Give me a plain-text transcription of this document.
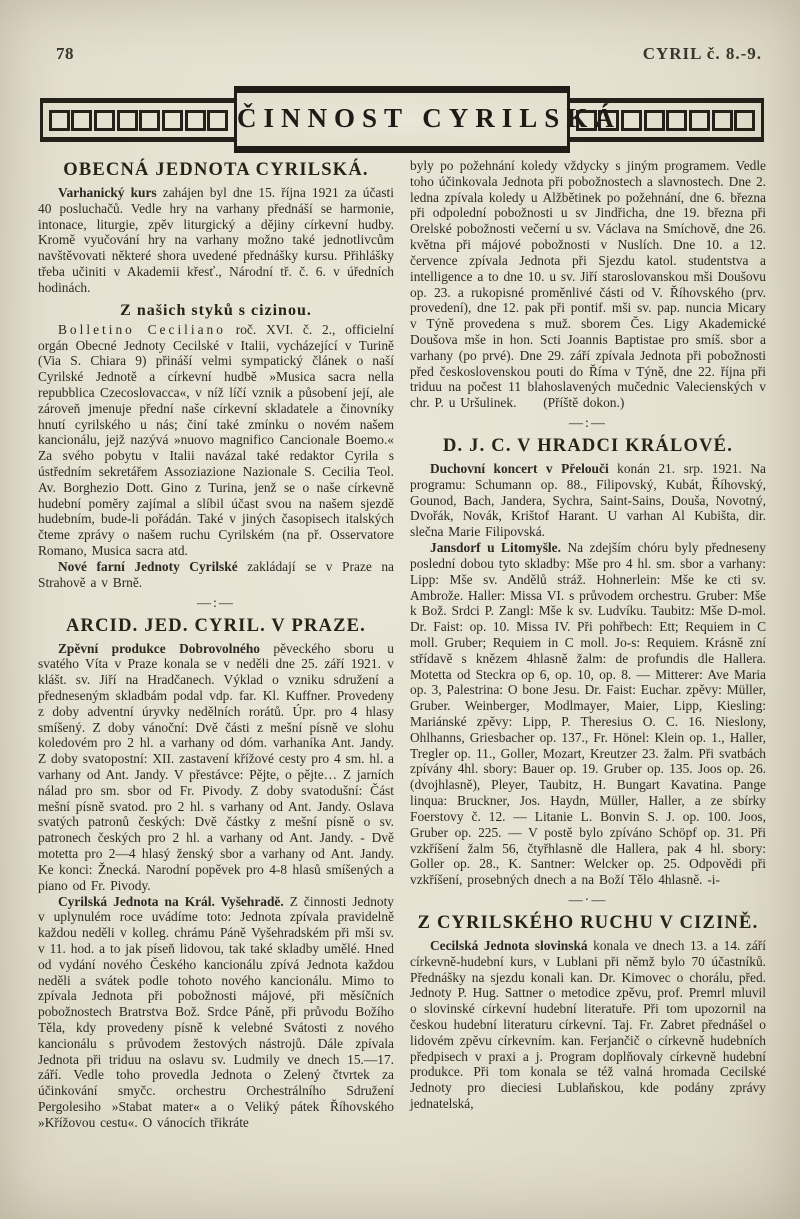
78	CYRIL č. 8.-9.
ČINNOST CYRILSKÁ
OBECNÁ JEDNOTA CYRILSKÁ.

Varhanický kurs zahájen byl dne 15. října 1921 za účasti 40 posluchačů. Vedle hry na varhany přednáší se harmonie, intonace, liturgie, zpěv liturgický a dějiny církevní hudby. Kromě vyučování hry na varhany možno také jednotlivcům navštěvovati některé shora uvedené přednášky kursu. Přihlášky třeba učiniti v Akademii křesť., Národní tř. č. 6. v úředních hodinách.

Z našich styků s cizinou.

Bolletino Ceciliano roč. XVI. č. 2., officielní orgán Obecné Jednoty Cecilské v Italii, vycházející v Turině (Via S. Chiara 9) přináší velmi sympatický článek o naší Cyrilské Jednotě a církevní hudbě »Musica sacra nella repubblica Czecoslovacca«, v níž líčí vznik a působení její, ale zároveň jmenuje přední naše církevní skladatele a činovníky hnutí cyrilského u nás; činí také zmínku o novém našem kancionálu, jejž nazývá »nuovo magnifico Cancionale Boemo.« Za svého pobytu v Italii navázal také redaktor Cyrila s ústředním sekretářem Assoziazione Nazionale S. Cecilia Teol. Av. Borghezio Dott. Gino z Turina, jenž se o naše církevně hudební poměry zajímal a slíbil účast svou na našem sjezdě hudebním, bude-li pořádán. Také v jiných časopisech italských čteme zprávy o našem ruchu Cyrilském (na př. Osservatore Romano, Musica sacra atd.

Nové farní Jednoty Cyrilské zakládají se v Praze na Strahově a v Brně.

—:—
ARCID. JED. CYRIL. V PRAZE.

Zpěvní produkce Dobrovolného pěveckého sboru u svatého Víta v Praze konala se v neděli dne 25. září 1921. v klášt. sv. Jiří na Hradčanech. Výklad o vzniku sdružení a předneseným skladbám podal vdp. far. Kl. Kuffner. Provedeny z doby adventní úryvky nedělních rorátů. Úpr. pro 4 hlasy smíšený. Z doby vánoční: Dvě části z mešní písně ve slohu koledovém pro 2 hl. a varhany od dóm. varhaníka Ant. Jandy. Z doby svatopostní: XII. zastavení křížové cesty pro 4 sm. hl. a varhany od Ant. Jandy. V přestávce: Pějte, o pějte… Z jarních nálad pro sm. sbor od Fr. Pivody. Z doby svatodušní: Část mešní písně svatod. pro 2 hl. s varhany od Ant. Jandy. Oslava svatých patronů českých: Dvě částky z mešní písně o sv. patronech českých pro 2 hl. a varhany od Ant. Jandy. - Dvě motetta pro 2—4 hlasý ženský sbor a varhany od Ant. Jandy. Ke konci: Žnecká. Narodní popěvek pro 4-8 hlasů smíšených a piano od Fr. Pivody.

Cyrilská Jednota na Král. Vyšehradě. Z činnosti Jednoty v uplynulém roce uvádíme toto: Jednota zpívala pravidelně každou neděli v kolleg. chrámu Páně Vyšehradském při mši sv. v 11. hod. a to jak píseň lidovou, tak také skladby umělé. Hned od vydání nového Českého kancionálu zpívá Jednota každou neděli a svátek podle tohoto nového kancionálu. Mimo to zpívala Jednota při pobožnosti májové, při měsíčních pobožnostech Bratrstva Bož. Srdce Páně, při průvodu Božího Těla, kdy provedeny písně k velebné Svátosti z nového kancionálu s průvodem žestových nástrojů. Dále zpívala Jednota při triduu na oslavu sv. Ludmily ve dnech 15.—17. září. Vedle toho provedla Jednota o Zelený čtvrtek za účinkování smyčc. orchestru Orchestrálního Sdružení Pergolesiho »Stabat mater« a o Veliký pátek Říhovského »Křížovou cestu«. O vánocích třikráte

byly po požehnání koledy vždycky s jiným programem. Vedle toho účinkovala Jednota při pobožnostech a slavnostech. Dne 2. ledna zpívala koledy u Alžbětinek po požehnání, dne 6. března při odpolední pobožnosti u sv Jindřicha, dne 19. března při Orelské pobožnosti večerní u sv. Václava na Smíchově, dne 26. května při májové pobožnosti v Nuslích. Dne 10. a 12. července zpívala Jednota při Sjezdu katol. studentstva a intelligence a to dne 10. u sv. Jiří staroslovanskou mši Doušovu op. 23. a rukopisné proměnlivé části od V. Říhovského (prv. provedení), dne 12. pak při pontif. mši sv. pap. nuncia Micary v Týně provedena s muž. sborem Čes. Ligy Akademické Doušova mše in hon. Scti Joannis Baptistae pro smíš. sbor a varhany (po prvé). Dne 29. září zpívala Jednota při pobožnosti před československou pouti do Říma v Týně, dne 22. října při triduu na počest 11 blahoslavených mučednic Valecienských v chr. P. u Uršulinek.  (Příště dokon.)

—:—
D. J. C. V HRADCI KRÁLOVÉ.

Duchovní koncert v Přelouči konán 21. srp. 1921. Na programu: Schumann op. 88., Filipovský, Kubát, Říhovský, Gounod, Bach, Jandera, Sychra, Saint-Sains, Douša, Novotný, Dvořák, Novák, Krištof Harant. U varhan Al Kubišta, dir. slečna Marie Filipovská.

Jansdorf u Litomyšle. Na zdejším chóru byly předneseny poslední dobou tyto skladby: Mše pro 4 hl. sm. sbor a varhany: Lipp: Mše sv. Andělů stráž. Hohnerlein: Mše ke cti sv. Ambrože. Haller: Missa VI. s průvodem orchestru. Gruber: Mše k Bož. Srdci P. Zangl: Mše k sv. Ludvíku. Taubitz: Mše D-mol. Dr. Faist: op. 10. Missa IV. Při pohřbech: Ett; Requiem in C moll. Gruber; Requiem in C moll. Jo-s: Requiem. Krásně zní střídavě s knězem 4hlasně žalm: de profundis dle Hallera. Motetta od Steckra op 6, op. 10, op. 8. — Mitterer: Ave Maria op. 3, Palestrina: O bone Jesu. Dr. Faist: Euchar. zpěvy: Müller, Gruber. Weinberger, Modlmayer, Maier, Lipp, Kiesling: Mariánské zpěvy: Lipp, P. Theresius O. C. 16. Nieslony, Ohlhanns, Griesbacher op. 137., Fr. Hönel: Klein op. 1., Haller, Tregler op. 11., Goller, Mozart, Kreutzer 23. žalm. Při svatbách zpívány 4hl. sbory: Bauer op. 19. Gruber op. 135. Joos op. 26. (dvojhlasně), Pleyer, Taubitz, H. Bungart Kavatina. Pange linqua: Bruckner, Jos. Haydn, Müller, Haller, a ze sbírky Foerstovy č. 12. — Litanie L. Bonvin S. J. op. 100. Joos, Gruber op. 225. — V postě bylo zpíváno Schöpf op. 31. Při vzkříšení žalm 56, čtyřhlasně dle Hallera, pak 4 hl. sbory: Goller op. 28., K. Santner: Welcker op. 25. Odpovědi při vzkříšení, prosebných dnech a na Boží Tělo 4hlasně. -i-

—·—
Z CYRILSKÉHO RUCHU V CIZINĚ.

Cecilská Jednota slovinská konala ve dnech 13. a 14. září církevně-hudební kurs, v Lublani při němž bylo 70 účastníků. Přednášky na sjezdu konali kan. Dr. Kimovec o chorálu, před. Jednoty P. Hug. Sattner o metodice zpěvu, prof. Premrl mluvil o slovinské církevní hudební literatuře. Při tom upozornil na českou hudební literaturu církevní. Taj. Fr. Zabret přednášel o lidovém zpěvu církevním. kan. Ferjančič o církevně hudebních předpisech v praxi a j. Program doplňovaly církevně hudební produkce. Při tom konala se též valná hromada Cecilské Jednoty pro dieciesi Lublaňskou, kde podány zprávy jednatelská,
